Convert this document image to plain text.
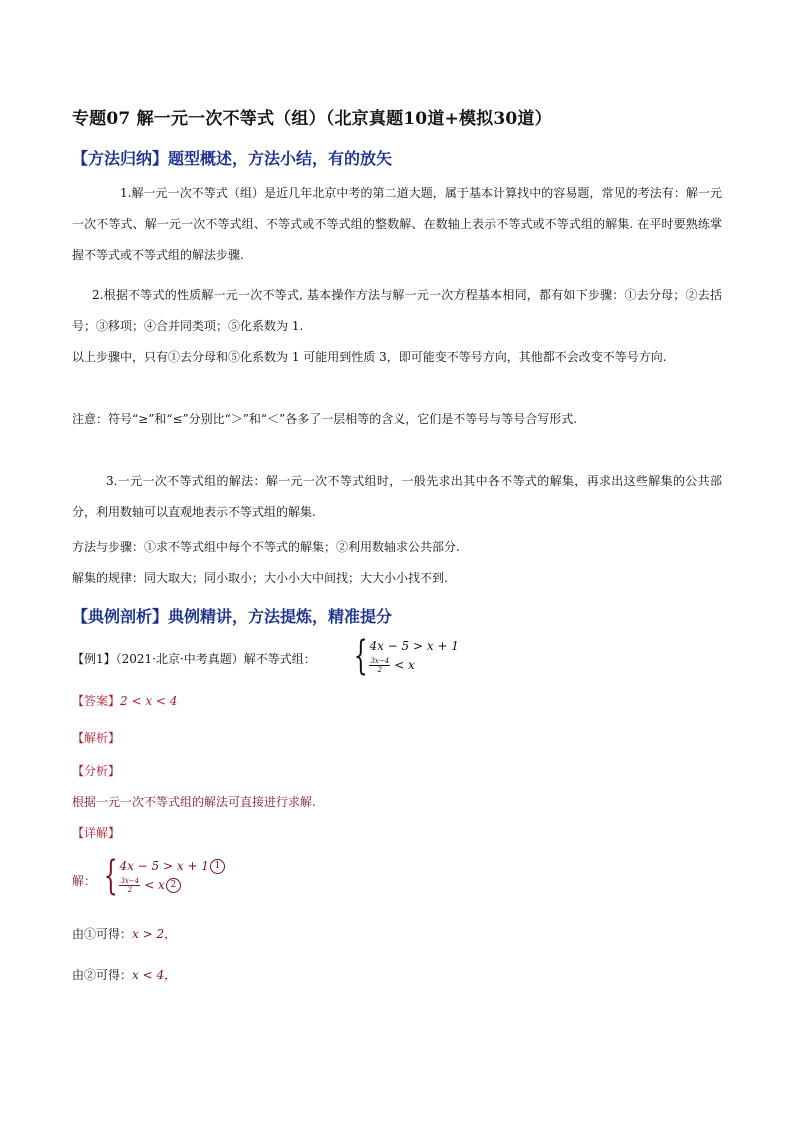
专题07 解一元一次不等式（组）（北京真题10道+模拟30道）
【方法归纳】题型概述，方法小结，有的放矢
1.解一元一次不等式（组）是近几年北京中考的第二道大题，属于基本计算找中的容易题，常见的考法有：解一元一次不等式、解一元一次不等式组、不等式或不等式组的整数解、在数轴上表示不等式或不等式组的解集. 在平时要熟练掌握不等式或不等式组的解法步骤.
2.根据不等式的性质解一元一次不等式, 基本操作方法与解一元一次方程基本相同，都有如下步骤：①去分母；②去括号；③移项；④合并同类项；⑤化系数为 1.
以上步骤中，只有①去分母和⑤化系数为 1 可能用到性质 3，即可能变不等号方向，其他都不会改变不等号方向.
注意：符号“≥”和“≤”分别比“＞”和“＜”各多了一层相等的含义，它们是不等号与等号合写形式.
3.一元一次不等式组的解法：解一元一次不等式组时，一般先求出其中各不等式的解集，再求出这些解集的公共部分，利用数轴可以直观地表示不等式组的解集.
方法与步骤：①求不等式组中每个不等式的解集；②利用数轴求公共部分.
解集的规律：同大取大；同小取小；大小小大中间找；大大小小找不到.
【典例剖析】典例精讲，方法提炼，精准提分
【例1】（2021·北京·中考真题）解不等式组： { 4x − 5 > x + 1
$\frac{3x-4}{2} < x$
【答案】2 < x < 4
【解析】
【分析】
根据一元一次不等式组的解法可直接进行求解.
【详解】
解： { 4x − 5 > x + 1 1
$\frac{3x-4}{2} < x$ 2
由①可得：x > 2，
由②可得：x < 4，
